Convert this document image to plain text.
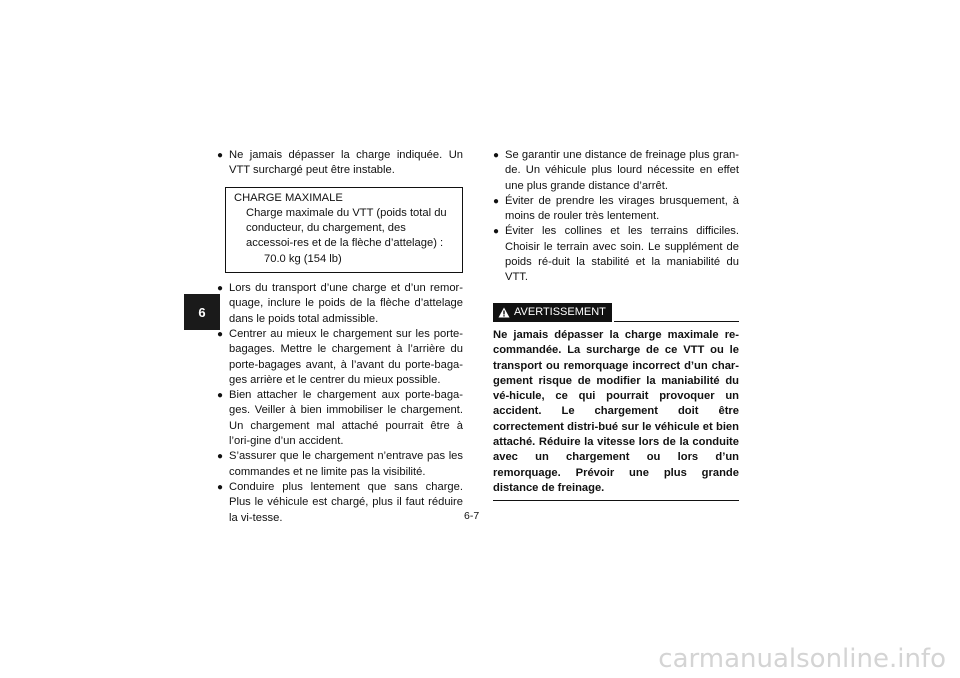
6
● Ne jamais dépasser la charge indiquée. Un VTT surchargé peut être instable.
CHARGE MAXIMALE
Charge maximale du VTT (poids total du conducteur, du chargement, des accessoi-res et de la flèche d’attelage) :
70.0 kg (154 lb)
● Lors du transport d’une charge et d’un remor-quage, inclure le poids de la flèche d’attelage dans le poids total admissible.
● Centrer au mieux le chargement sur les porte-bagages. Mettre le chargement à l’arrière du porte-bagages avant, à l’avant du porte-baga-ges arrière et le centrer du mieux possible.
● Bien attacher le chargement aux porte-baga-ges. Veiller à bien immobiliser le chargement. Un chargement mal attaché pourrait être à l’ori-gine d’un accident.
● S’assurer que le chargement n’entrave pas les commandes et ne limite pas la visibilité.
● Conduire plus lentement que sans charge. Plus le véhicule est chargé, plus il faut réduire la vi-tesse.
● Se garantir une distance de freinage plus gran-de. Un véhicule plus lourd nécessite en effet une plus grande distance d’arrêt.
● Éviter de prendre les virages brusquement, à moins de rouler très lentement.
● Éviter les collines et les terrains difficiles. Choisir le terrain avec soin. Le supplément de poids ré-duit la stabilité et la maniabilité du VTT.
AVERTISSEMENT
Ne jamais dépasser la charge maximale re-commandée. La surcharge de ce VTT ou le transport ou remorquage incorrect d’un char-gement risque de modifier la maniabilité du vé-hicule, ce qui pourrait provoquer un accident. Le chargement doit être correctement distri-bué sur le véhicule et bien attaché. Réduire la vitesse lors de la conduite avec un chargement ou lors d’un remorquage. Prévoir une plus grande distance de freinage.
6-7
carmanualsonline.info
